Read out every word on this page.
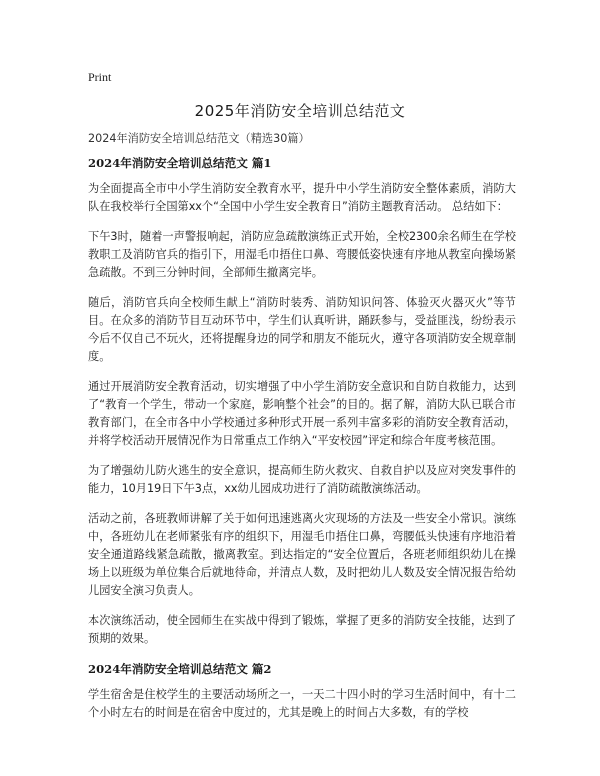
Print
2025年消防安全培训总结范文

2024年消防安全培训总结范文（精选30篇）

2024年消防安全培训总结范文 篇1

为全面提高全市中小学生消防安全教育水平，提升中小学生消防安全整体素质，消防大队在我校举行全国第xx个“全国中小学生安全教育日”消防主题教育活动。 总结如下：

下午3时，随着一声警报响起，消防应急疏散演练正式开始，全校2300余名师生在学校教职工及消防官兵的指引下，用湿毛巾捂住口鼻、弯腰低姿快速有序地从教室向操场紧急疏散。不到三分钟时间，全部师生撤离完毕。

随后，消防官兵向全校师生献上“消防时装秀、消防知识问答、体验灭火器灭火”等节目。在众多的消防节目互动环节中，学生们认真听讲，踊跃参与，受益匪浅，纷纷表示今后不仅自己不玩火，还将提醒身边的同学和朋友不能玩火，遵守各项消防安全规章制度。

通过开展消防安全教育活动，切实增强了中小学生消防安全意识和自防自救能力，达到了“教育一个学生，带动一个家庭，影响整个社会”的目的。据了解，消防大队已联合市教育部门，在全市各中小学校通过多种形式开展一系列丰富多彩的消防安全教育活动，并将学校活动开展情况作为日常重点工作纳入“平安校园”评定和综合年度考核范围。

为了增强幼儿防火逃生的安全意识，提高师生防火救灾、自救自护以及应对突发事件的能力，10月19日下午3点，xx幼儿园成功进行了消防疏散演练活动。

活动之前，各班教师讲解了关于如何迅速逃离火灾现场的方法及一些安全小常识。演练中，各班幼儿在老师紧张有序的组织下，用湿毛巾捂住口鼻，弯腰低头快速有序地沿着安全通道路线紧急疏散，撤离教室。到达指定的“安全位置后，各班老师组织幼儿在操场上以班级为单位集合后就地待命，并清点人数，及时把幼儿人数及安全情况报告给幼儿园安全演习负责人。

本次演练活动，使全园师生在实战中得到了锻炼，掌握了更多的消防安全技能，达到了预期的效果。

2024年消防安全培训总结范文 篇2

学生宿舍是住校学生的主要活动场所之一，一天二十四小时的学习生活时间中，有十二个小时左右的时间是在宿舍中度过的，尤其是晚上的时间占大多数，有的学校
